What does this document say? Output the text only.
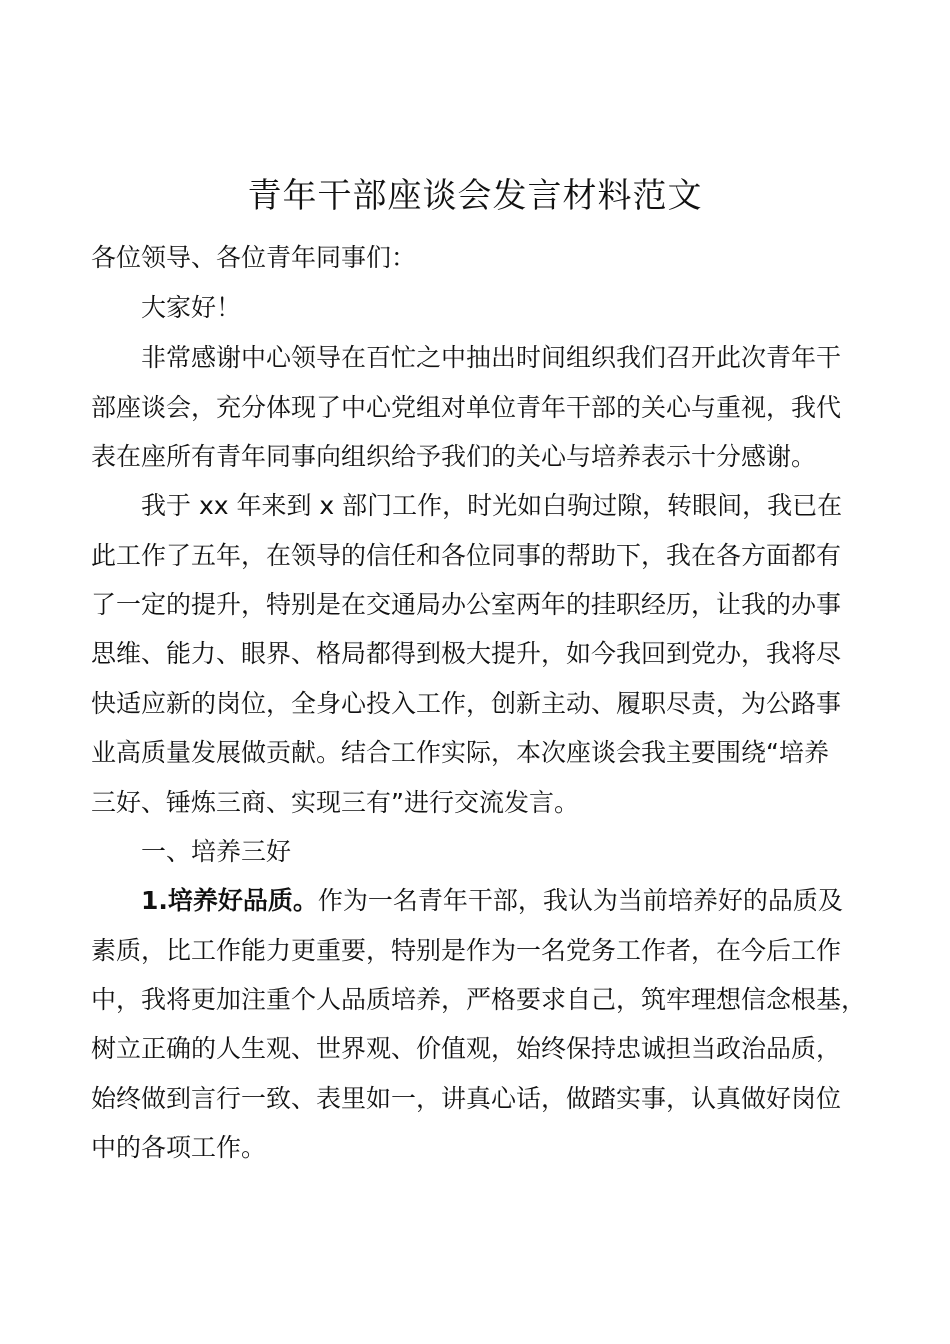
青年干部座谈会发言材料范文
各位领导、各位青年同事们：
大家好！
非常感谢中心领导在百忙之中抽出时间组织我们召开此次青年干
部座谈会，充分体现了中心党组对单位青年干部的关心与重视，我代
表在座所有青年同事向组织给予我们的关心与培养表示十分感谢。
我于 xx 年来到 x 部门工作，时光如白驹过隙，转眼间，我已在
此工作了五年，在领导的信任和各位同事的帮助下，我在各方面都有
了一定的提升，特别是在交通局办公室两年的挂职经历，让我的办事
思维、能力、眼界、格局都得到极大提升，如今我回到党办，我将尽
快适应新的岗位，全身心投入工作，创新主动、履职尽责，为公路事
业高质量发展做贡献。结合工作实际，本次座谈会我主要围绕“培养
三好、锤炼三商、实现三有”进行交流发言。
一、培养三好
1.培养好品质。作为一名青年干部，我认为当前培养好的品质及
素质，比工作能力更重要，特别是作为一名党务工作者，在今后工作
中，我将更加注重个人品质培养，严格要求自己，筑牢理想信念根基，
树立正确的人生观、世界观、价值观，始终保持忠诚担当政治品质，
始终做到言行一致、表里如一，讲真心话，做踏实事，认真做好岗位
中的各项工作。
